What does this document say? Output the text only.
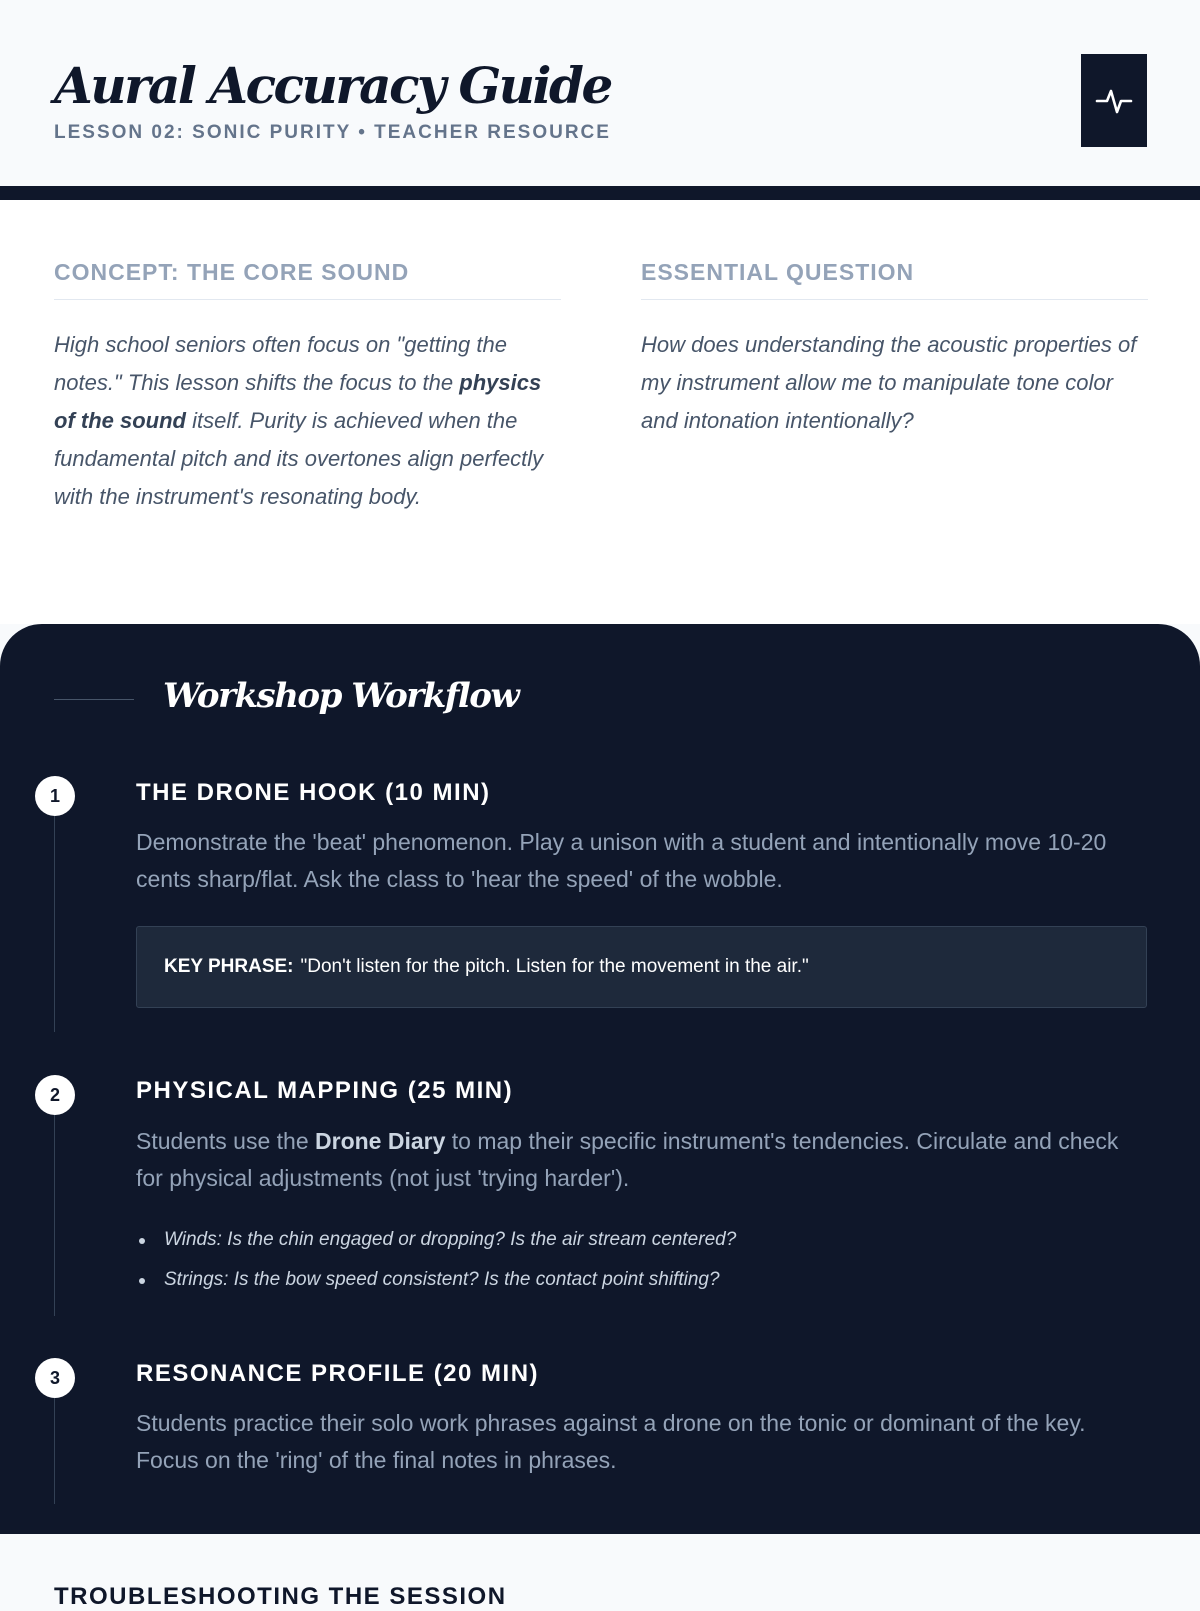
Aural Accuracy Guide
LESSON 02: SONIC PURITY • TEACHER RESOURCE
CONCEPT: THE CORE SOUND

High school seniors often focus on "getting the notes." This lesson shifts the focus to the physics of the sound itself. Purity is achieved when the fundamental pitch and its overtones align perfectly with the instrument's resonating body.

ESSENTIAL QUESTION

How does understanding the acoustic properties of my instrument allow me to manipulate tone color and intonation intentionally?

Workshop Workflow
1	THE DRONE HOOK (10 MIN)
Demonstrate the 'beat' phenomenon. Play a unison with a student and intentionally move 10-20 cents sharp/flat. Ask the class to 'hear the speed' of the wobble.
KEY PHRASE: "Don't listen for the pitch. Listen for the movement in the air."
2	PHYSICAL MAPPING (25 MIN)
Students use the Drone Diary to map their specific instrument's tendencies. Circulate and check for physical adjustments (not just 'trying harder').
Winds: Is the chin engaged or dropping? Is the air stream centered?
Strings: Is the bow speed consistent? Is the contact point shifting?
3	RESONANCE PROFILE (20 MIN)
Students practice their solo work phrases against a drone on the tonic or dominant of the key. Focus on the 'ring' of the final notes in phrases.
TROUBLESHOOTING THE SESSION
